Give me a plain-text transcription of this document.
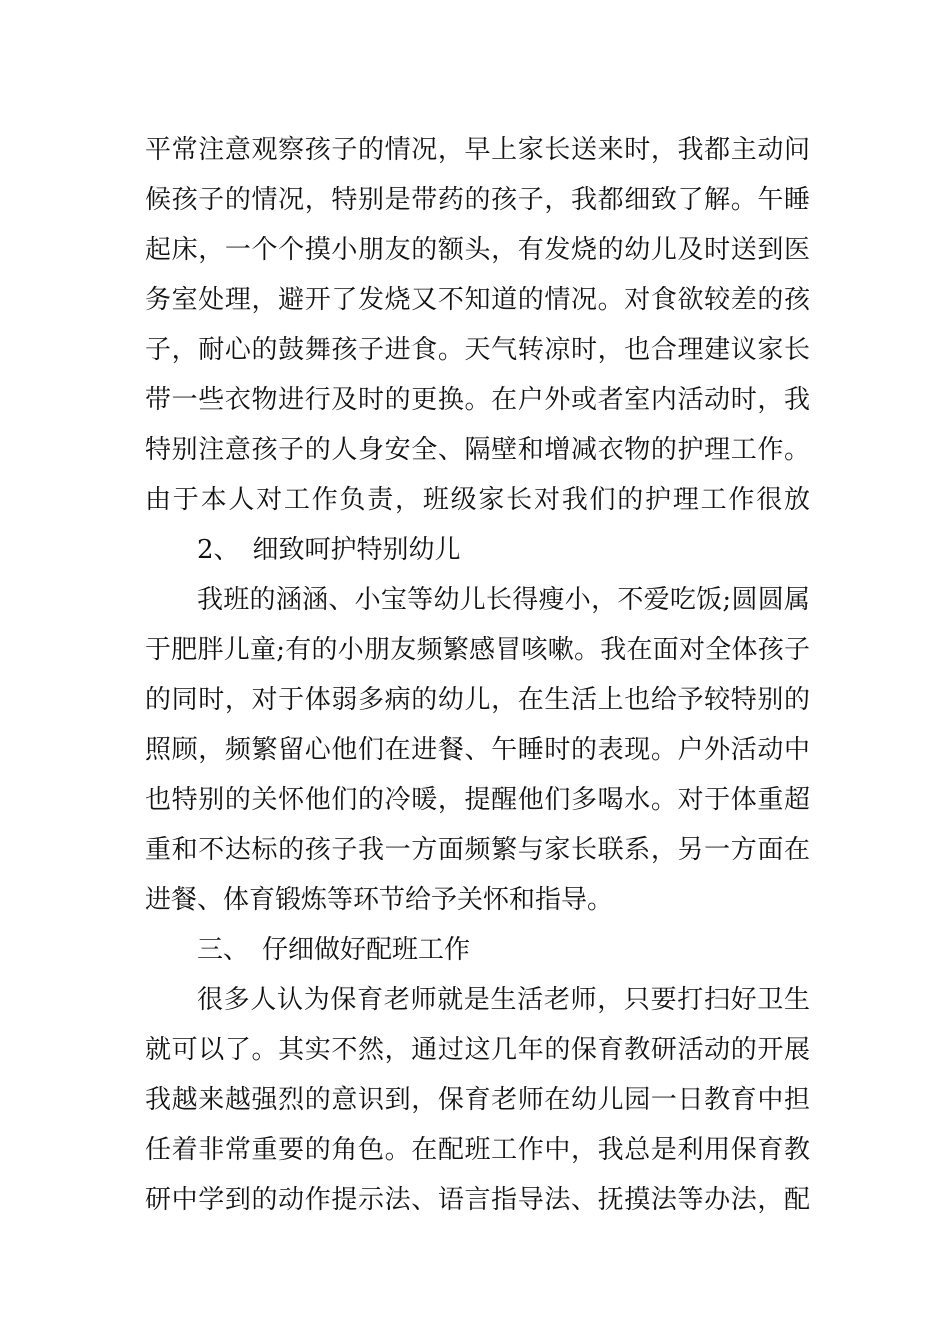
平常注意观察孩子的情况，早上家长送来时，我都主动问
候孩子的情况，特别是带药的孩子，我都细致了解。午睡
起床，一个个摸小朋友的额头，有发烧的幼儿及时送到医
务室处理，避开了发烧又不知道的情况。对食欲较差的孩
子，耐心的鼓舞孩子进食。天气转凉时，也合理建议家长
带一些衣物进行及时的更换。在户外或者室内活动时，我
特别注意孩子的人身安全、隔壁和增减衣物的护理工作。
由于本人对工作负责，班级家长对我们的护理工作很放
2、　细致呵护特别幼儿
我班的涵涵、小宝等幼儿长得瘦小，不爱吃饭;圆圆属
于肥胖儿童;有的小朋友频繁感冒咳嗽。我在面对全体孩子
的同时，对于体弱多病的幼儿，在生活上也给予较特别的
照顾，频繁留心他们在进餐、午睡时的表现。户外活动中
也特别的关怀他们的冷暖，提醒他们多喝水。对于体重超
重和不达标的孩子我一方面频繁与家长联系，另一方面在
进餐、体育锻炼等环节给予关怀和指导。
三、　仔细做好配班工作
很多人认为保育老师就是生活老师，只要打扫好卫生
就可以了。其实不然，通过这几年的保育教研活动的开展
我越来越强烈的意识到，保育老师在幼儿园一日教育中担
任着非常重要的角色。在配班工作中，我总是利用保育教
研中学到的动作提示法、语言指导法、抚摸法等办法，配
